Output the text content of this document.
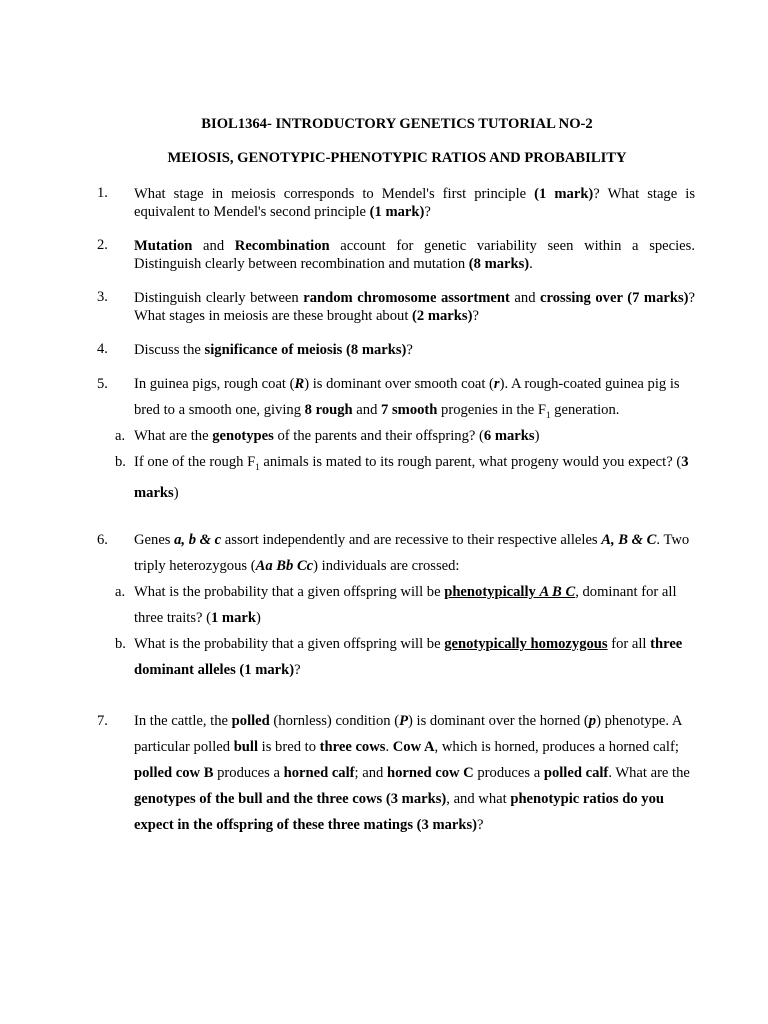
BIOL1364- INTRODUCTORY GENETICS TUTORIAL NO-2
MEIOSIS, GENOTYPIC-PHENOTYPIC RATIOS AND PROBABILITY
1. What stage in meiosis corresponds to Mendel's first principle (1 mark)? What stage is equivalent to Mendel's second principle (1 mark)?
2. Mutation and Recombination account for genetic variability seen within a species. Distinguish clearly between recombination and mutation (8 marks).
3. Distinguish clearly between random chromosome assortment and crossing over (7 marks)? What stages in meiosis are these brought about (2 marks)?
4. Discuss the significance of meiosis (8 marks)?
5. In guinea pigs, rough coat (R) is dominant over smooth coat (r). A rough-coated guinea pig is bred to a smooth one, giving 8 rough and 7 smooth progenies in the $F_1$ generation.
a. What are the genotypes of the parents and their offspring? (6 marks)
b. If one of the rough $F_1$ animals is mated to its rough parent, what progeny would you expect? (3 marks)
6. Genes a, b & c assort independently and are recessive to their respective alleles A, B & C. Two triply heterozygous (Aa Bb Cc) individuals are crossed:
a. What is the probability that a given offspring will be phenotypically A B C, dominant for all three traits? (1 mark)
b. What is the probability that a given offspring will be genotypically homozygous for all three dominant alleles (1 mark)?
7. In the cattle, the polled (hornless) condition (P) is dominant over the horned (p) phenotype. A particular polled bull is bred to three cows. Cow A, which is horned, produces a horned calf; polled cow B produces a horned calf; and horned cow C produces a polled calf. What are the genotypes of the bull and the three cows (3 marks), and what phenotypic ratios do you expect in the offspring of these three matings (3 marks)?
